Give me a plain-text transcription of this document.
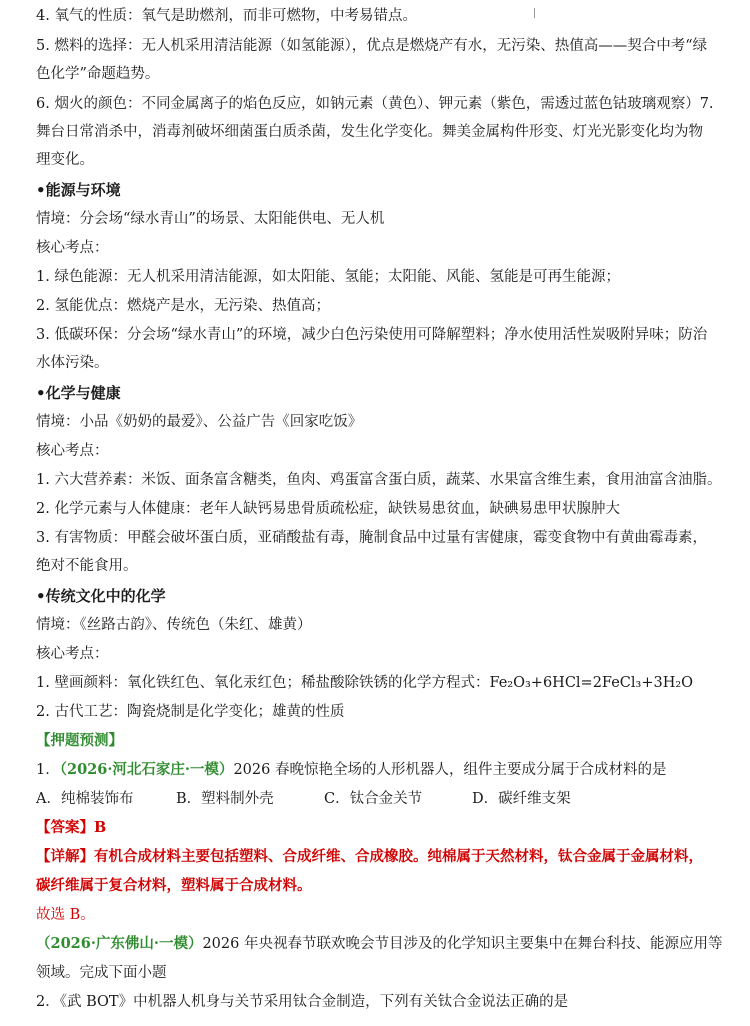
4. 氧气的性质：氧气是助燃剂，而非可燃物，中考易错点。
5. 燃料的选择：无人机采用清洁能源（如氢能源），优点是燃烧产有水，无污染、热值高——契合中考“绿
色化学”命题趋势。
6. 烟火的颜色：不同金属离子的焰色反应，如钠元素（黄色）、钾元素（紫色，需透过蓝色钴玻璃观察）7.
舞台日常消杀中，消毒剂破坏细菌蛋白质杀菌，发生化学变化。舞美金属构件形变、灯光光影变化均为物
理变化。
•能源与环境
情境：分会场“绿水青山”的场景、太阳能供电、无人机
核心考点：
1. 绿色能源：无人机采用清洁能源，如太阳能、氢能；太阳能、风能、氢能是可再生能源；
2. 氢能优点：燃烧产是水，无污染、热值高；
3. 低碳环保：分会场“绿水青山”的环境，减少白色污染使用可降解塑料；净水使用活性炭吸附异味；防治
水体污染。
•化学与健康
情境：小品《奶奶的最爱》、公益广告《回家吃饭》
核心考点：
1. 六大营养素：米饭、面条富含糖类，鱼肉、鸡蛋富含蛋白质，蔬菜、水果富含维生素，食用油富含油脂。
2. 化学元素与人体健康：老年人缺钙易患骨质疏松症，缺铁易患贫血，缺碘易患甲状腺肿大
3. 有害物质：甲醛会破坏蛋白质，亚硝酸盐有毒，腌制食品中过量有害健康，霉变食物中有黄曲霉毒素，
绝对不能食用。
•传统文化中的化学
情境：《丝路古韵》、传统色（朱红、雄黄）
核心考点：
1. 壁画颜料：氧化铁红色、氧化汞红色；稀盐酸除铁锈的化学方程式：Fe₂O₃+6HCl=2FeCl₃+3H₂O
2. 古代工艺：陶瓷烧制是化学变化；雄黄的性质
【押题预测】
1．（2026·河北石家庄·一模）2026 春晚惊艳全场的人形机器人，组件主要成分属于合成材料的是
A．纯棉装饰布	B．塑料制外壳	C．钛合金关节	D．碳纤维支架
【答案】B
【详解】有机合成材料主要包括塑料、合成纤维、合成橡胶。纯棉属于天然材料，钛合金属于金属材料，
碳纤维属于复合材料，塑料属于合成材料。
故选 B。
（2026·广东佛山·一模）2026 年央视春节联欢晚会节目涉及的化学知识主要集中在舞台科技、能源应用等
领域。完成下面小题
2．《武 BOT》中机器人机身与关节采用钛合金制造，下列有关钛合金说法正确的是
